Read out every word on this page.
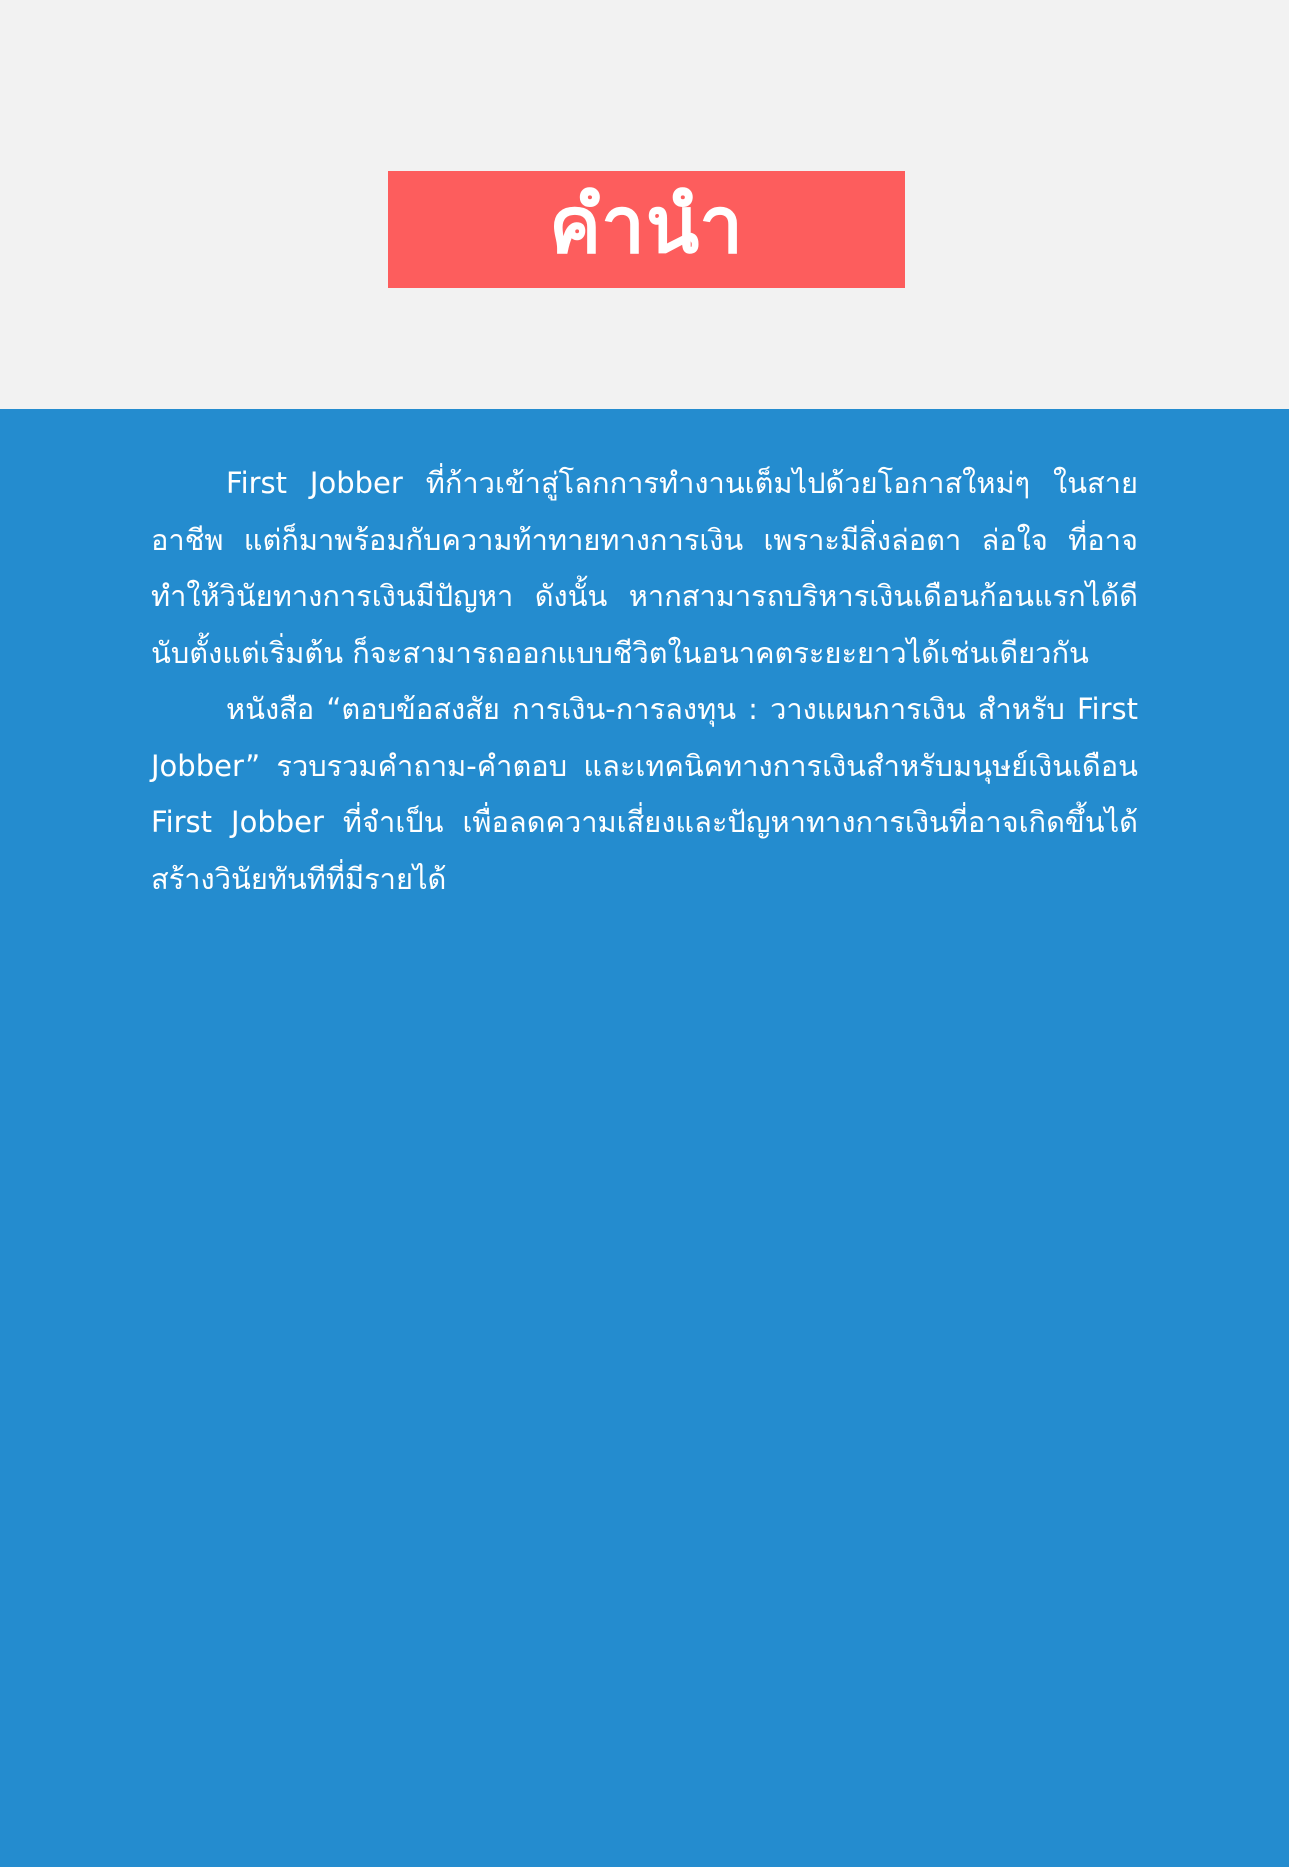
คำนำ

First Jobber ที่ก้าวเข้าสู่โลกการทำงานเต็มไปด้วยโอกาสใหม่ๆ ในสายอาชีพ แต่ก็มาพร้อมกับความท้าทายทางการเงิน เพราะมีสิ่งล่อตา ล่อใจ ที่อาจทำให้วินัยทางการเงินมีปัญหา ดังนั้น หากสามารถบริหารเงินเดือนก้อนแรกได้ดีนับตั้งแต่เริ่มต้น ก็จะสามารถออกแบบชีวิตในอนาคตระยะยาวได้เช่นเดียวกัน

หนังสือ “ตอบข้อสงสัย การเงิน-การลงทุน : วางแผนการเงิน สำหรับ First Jobber” รวบรวมคำถาม-คำตอบ และเทคนิคทางการเงินสำหรับมนุษย์เงินเดือน First Jobber ที่จำเป็น เพื่อลดความเสี่ยงและปัญหาทางการเงินที่อาจเกิดขึ้นได้ สร้างวินัยทันทีที่มีรายได้
